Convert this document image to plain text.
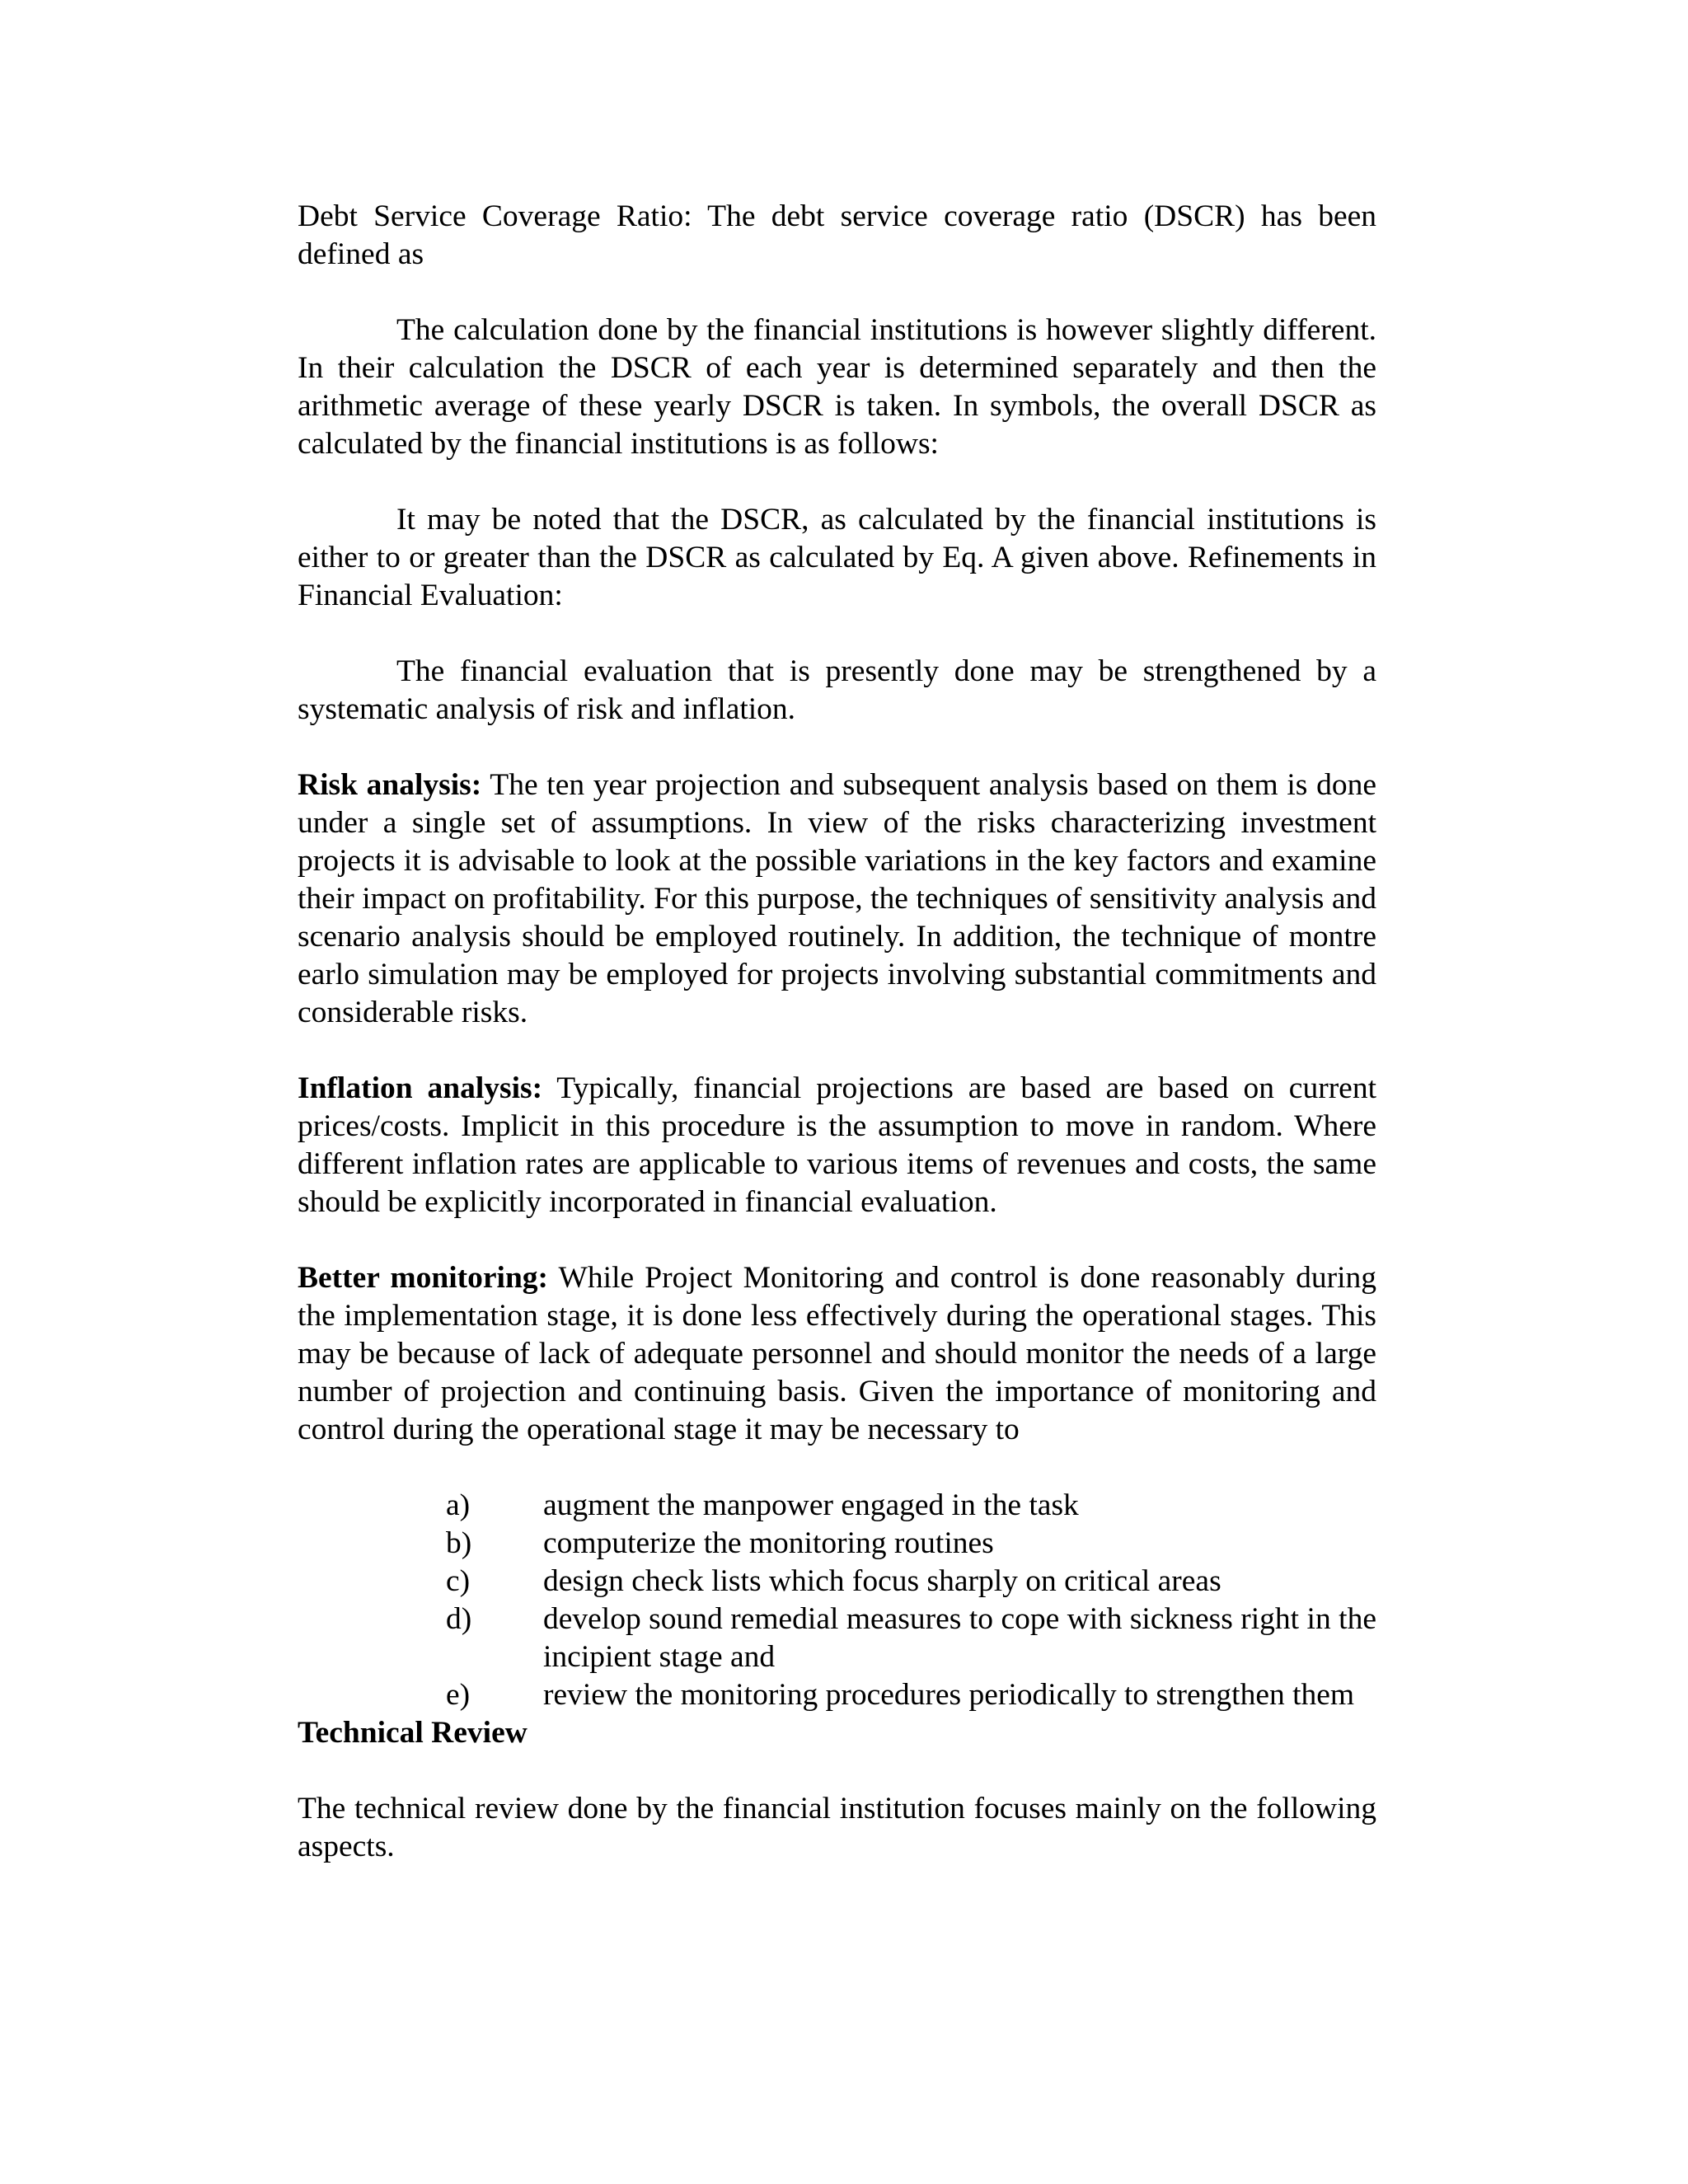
Debt Service Coverage Ratio: The debt service coverage ratio (DSCR) has been defined as

The calculation done by the financial institutions is however slightly different. In their calculation the DSCR of each year is determined separately and then the arithmetic average of these yearly DSCR is taken. In symbols, the overall DSCR as calculated by the financial institutions is as follows:

It may be noted that the DSCR, as calculated by the financial institutions is either to or greater than the DSCR as calculated by Eq. A given above. Refinements in Financial Evaluation:

The financial evaluation that is presently done may be strengthened by a systematic analysis of risk and inflation.

Risk analysis: The ten year projection and subsequent analysis based on them is done under a single set of assumptions. In view of the risks characterizing investment projects it is advisable to look at the possible variations in the key factors and examine their impact on profitability. For this purpose, the techniques of sensitivity analysis and scenario analysis should be employed routinely. In addition, the technique of montre earlo simulation may be employed for projects involving substantial commitments and considerable risks.

Inflation analysis: Typically, financial projections are based are based on current prices/costs. Implicit in this procedure is the assumption to move in random. Where different inflation rates are applicable to various items of revenues and costs, the same should be explicitly incorporated in financial evaluation.

Better monitoring: While Project Monitoring and control is done reasonably during the implementation stage, it is done less effectively during the operational stages. This may be because of lack of adequate personnel and should monitor the needs of a large number of projection and continuing basis. Given the importance of monitoring and control during the operational stage it may be necessary to

a) augment the manpower engaged in the task
b) computerize the monitoring routines
c) design check lists which focus sharply on critical areas
d) develop sound remedial measures to cope with sickness right in the incipient stage and
e) review the monitoring procedures periodically to strengthen them

Technical Review

The technical review done by the financial institution focuses mainly on the following aspects.
